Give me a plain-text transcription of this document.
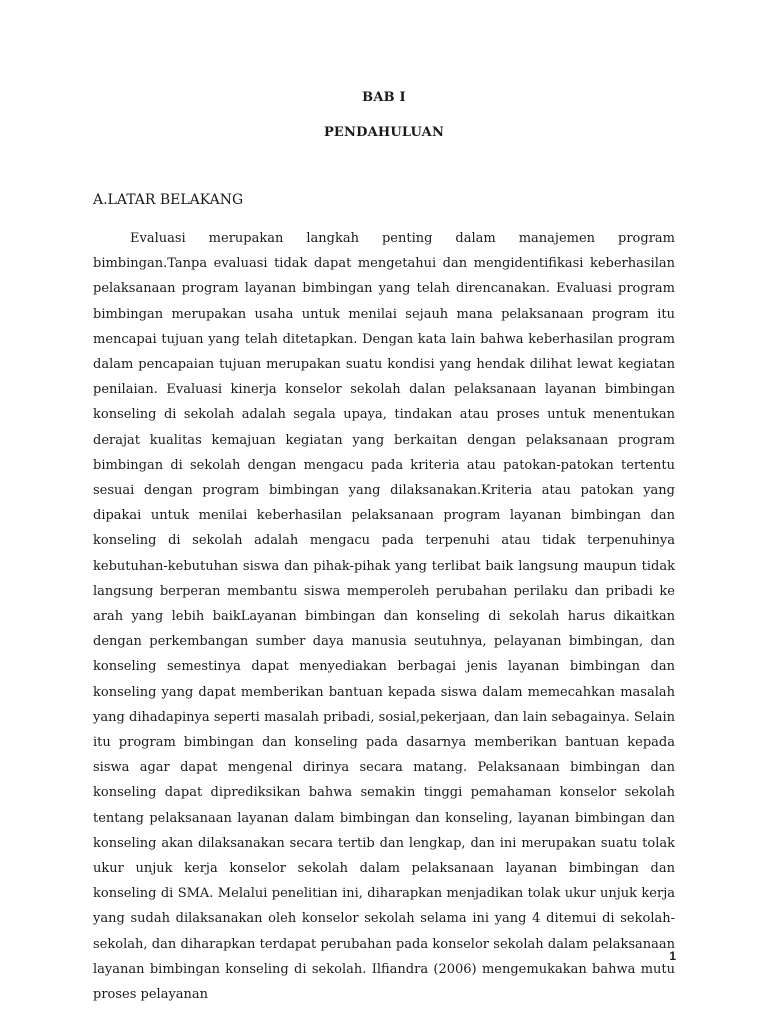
BAB I
PENDAHULUAN
A.LATAR BELAKANG
Evaluasi merupakan langkah penting dalam manajemen program bimbingan.Tanpa evaluasi tidak dapat mengetahui dan mengidentifikasi keberhasilan pelaksanaan program layanan bimbingan yang telah direncanakan. Evaluasi program bimbingan merupakan usaha untuk menilai sejauh mana pelaksanaan program itu mencapai tujuan yang telah ditetapkan. Dengan kata lain bahwa keberhasilan program dalam pencapaian tujuan merupakan suatu kondisi yang hendak dilihat lewat kegiatan penilaian. Evaluasi kinerja konselor sekolah dalan pelaksanaan layanan bimbingan konseling di sekolah adalah segala upaya, tindakan atau proses untuk menentukan derajat kualitas kemajuan kegiatan yang berkaitan dengan pelaksanaan program bimbingan di sekolah dengan mengacu pada kriteria atau patokan-patokan tertentu sesuai dengan program bimbingan yang dilaksanakan.Kriteria atau patokan yang dipakai untuk menilai keberhasilan pelaksanaan program layanan bimbingan dan konseling di sekolah adalah mengacu pada terpenuhi atau tidak terpenuhinya kebutuhan-kebutuhan siswa dan pihak-pihak yang terlibat baik langsung maupun tidak langsung berperan membantu siswa memperoleh perubahan perilaku dan pribadi ke arah yang lebih baikLayanan bimbingan dan konseling di sekolah harus dikaitkan dengan perkembangan sumber daya manusia seutuhnya, pelayanan bimbingan, dan konseling semestinya dapat menyediakan berbagai jenis layanan bimbingan dan konseling yang dapat memberikan bantuan kepada siswa dalam memecahkan masalah yang dihadapinya seperti masalah pribadi, sosial,pekerjaan, dan lain sebagainya. Selain itu program bimbingan dan konseling pada dasarnya memberikan bantuan kepada siswa agar dapat mengenal dirinya secara matang. Pelaksanaan bimbingan dan konseling dapat diprediksikan bahwa semakin tinggi pemahaman konselor sekolah tentang pelaksanaan layanan dalam bimbingan dan konseling, layanan bimbingan dan konseling akan dilaksanakan secara tertib dan lengkap, dan ini merupakan suatu tolak ukur unjuk kerja konselor sekolah dalam pelaksanaan layanan bimbingan dan konseling di SMA. Melalui penelitian ini, diharapkan menjadikan tolak ukur unjuk kerja yang sudah dilaksanakan oleh konselor sekolah selama ini yang 4 ditemui di sekolah-sekolah, dan diharapkan terdapat perubahan pada konselor sekolah dalam pelaksanaan layanan bimbingan konseling di sekolah. Ilfiandra (2006) mengemukakan bahwa mutu proses pelayanan
1
